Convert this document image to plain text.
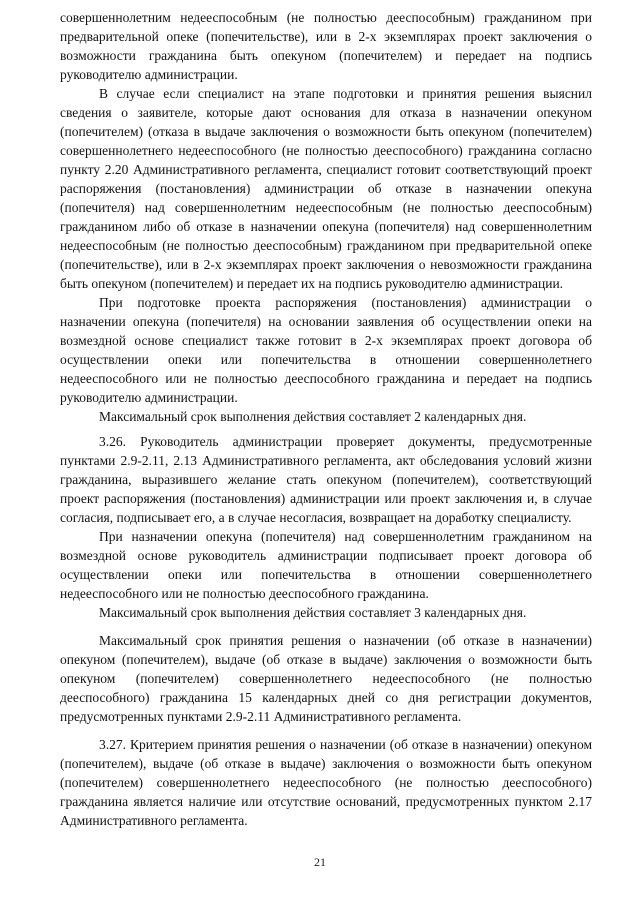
совершеннолетним недееспособным (не полностью дееспособным) гражданином при предварительной опеке (попечительстве), или в 2-х экземплярах проект заключения о возможности гражданина быть опекуном (попечителем) и передает на подпись руководителю администрации.

В случае если специалист на этапе подготовки и принятия решения выяснил сведения о заявителе, которые дают основания для отказа в назначении опекуном (попечителем) (отказа в выдаче заключения о возможности быть опекуном (попечителем) совершеннолетнего недееспособного (не полностью дееспособного) гражданина согласно пункту 2.20 Административного регламента, специалист готовит соответствующий проект распоряжения (постановления) администрации об отказе в назначении опекуна (попечителя) над совершеннолетним недееспособным (не полностью дееспособным) гражданином либо об отказе в назначении опекуна (попечителя) над совершеннолетним недееспособным (не полностью дееспособным) гражданином при предварительной опеке (попечительстве), или в 2-х экземплярах проект заключения о невозможности гражданина быть опекуном (попечителем) и передает их на подпись руководителю администрации.

При подготовке проекта распоряжения (постановления) администрации о назначении опекуна (попечителя) на основании заявления об осуществлении опеки на возмездной основе специалист также готовит в 2-х экземплярах проект договора об осуществлении опеки или попечительства в отношении совершеннолетнего недееспособного или не полностью дееспособного гражданина и передает на подпись руководителю администрации.

Максимальный срок выполнения действия составляет 2 календарных дня.

3.26. Руководитель администрации проверяет документы, предусмотренные пунктами 2.9-2.11, 2.13 Административного регламента, акт обследования условий жизни гражданина, выразившего желание стать опекуном (попечителем), соответствующий проект распоряжения (постановления) администрации или проект заключения и, в случае согласия, подписывает его, а в случае несогласия, возвращает на доработку специалисту.

При назначении опекуна (попечителя) над совершеннолетним гражданином на возмездной основе руководитель администрации подписывает проект договора об осуществлении опеки или попечительства в отношении совершеннолетнего недееспособного или не полностью дееспособного гражданина.

Максимальный срок выполнения действия составляет 3 календарных дня.

Максимальный срок принятия решения о назначении (об отказе в назначении) опекуном (попечителем), выдаче (об отказе в выдаче) заключения о возможности быть опекуном (попечителем) совершеннолетнего недееспособного (не полностью дееспособного) гражданина 15 календарных дней со дня регистрации документов, предусмотренных пунктами 2.9-2.11 Административного регламента.

3.27. Критерием принятия решения о назначении (об отказе в назначении) опекуном (попечителем), выдаче (об отказе в выдаче) заключения о возможности быть опекуном (попечителем) совершеннолетнего недееспособного (не полностью дееспособного) гражданина является наличие или отсутствие оснований, предусмотренных пунктом 2.17 Административного регламента.

21
